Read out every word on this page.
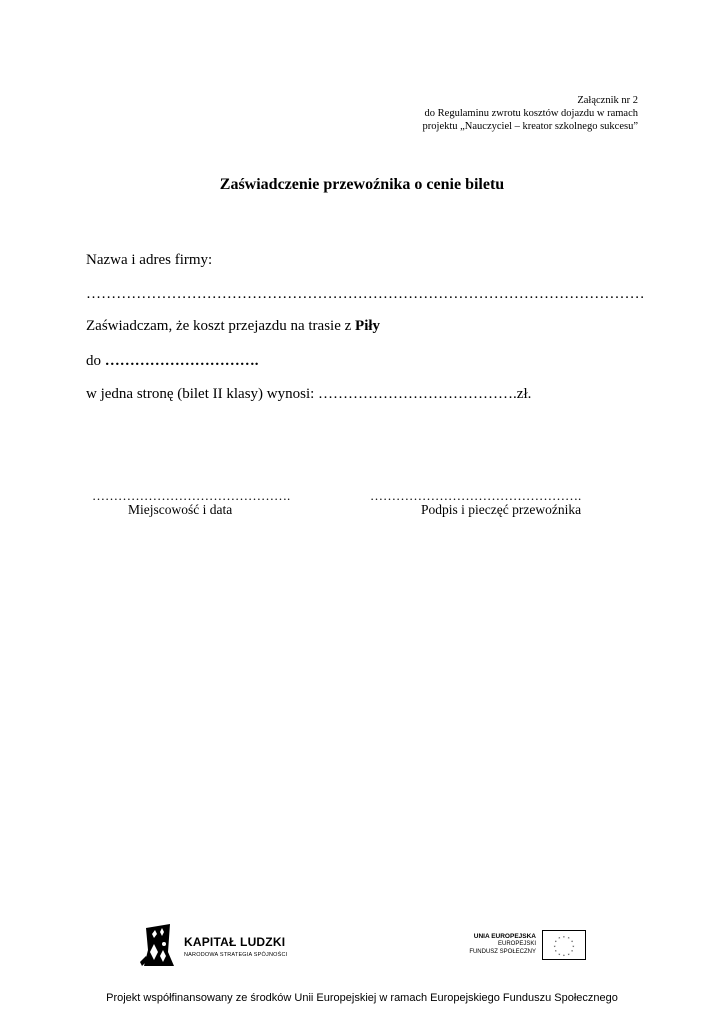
Załącznik nr 2
do Regulaminu zwrotu kosztów dojazdu w ramach
projektu „Nauczyciel – kreator szkolnego sukcesu”
Zaświadczenie przewoźnika o cenie biletu
Nazwa i adres firmy:
…………………………………………………………………………………………………
Zaświadczam, że koszt przejazdu na trasie z Piły
do ………………………….
w jedna stronę (bilet II klasy) wynosi: ………………………………….zł.
……………………………………….	………………………………………….
Miejscowość i data	Podpis i pieczęć przewoźnika
KAPITAŁ LUDZKI
NARODOWA STRATEGIA SPÓJNOŚCI
UNIA EUROPEJSKA
EUROPEJSKI
FUNDUSZ SPOŁECZNY
* *
*
*
*
*
*
*
*
*
*
*
Projekt współfinansowany ze środków Unii Europejskiej w ramach Europejskiego Funduszu Społecznego
